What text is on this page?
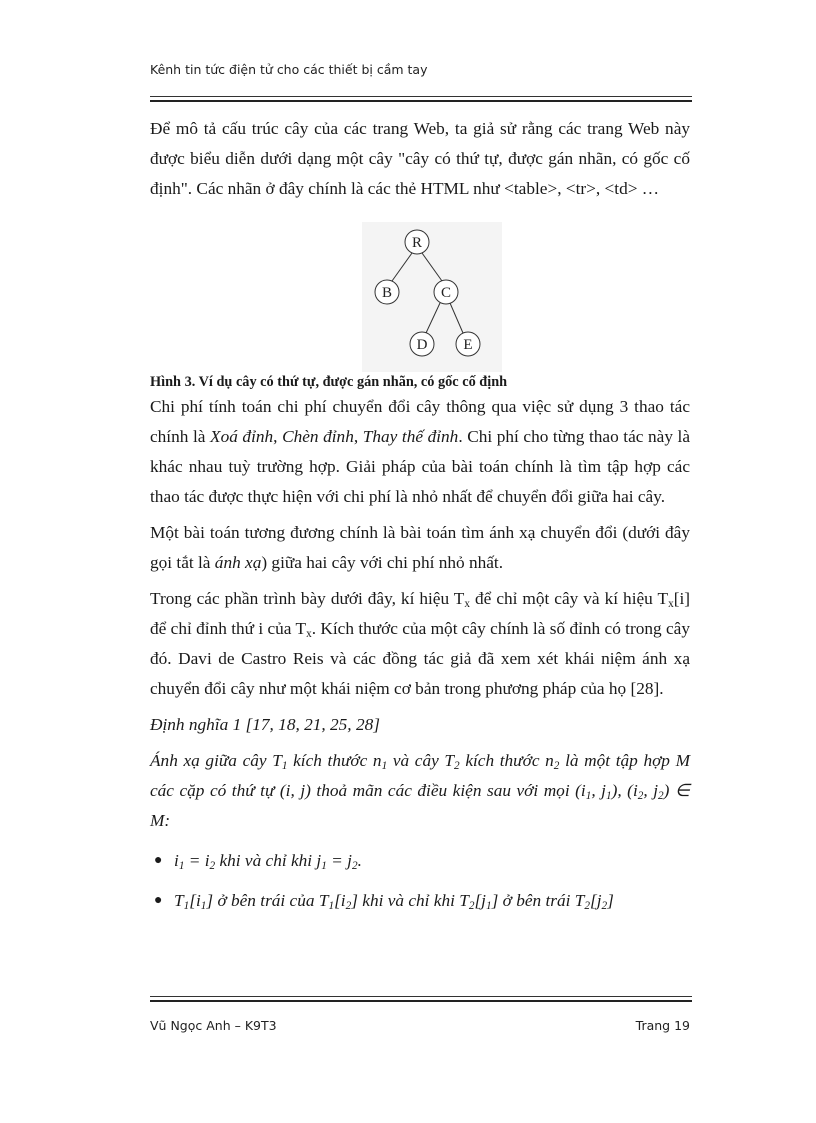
Kênh tin tức điện tử cho các thiết bị cầm tay

Để mô tả cấu trúc cây của các trang Web, ta giả sử rằng các trang Web này được biểu diễn dưới dạng một cây "cây có thứ tự, được gán nhãn, có gốc cố định". Các nhãn ở đây chính là các thẻ HTML như <table>, <tr>, <td> …

R
B	C
D E

Hình 3. Ví dụ cây có thứ tự, được gán nhãn, có gốc cố định

Chi phí tính toán chi phí chuyển đổi cây thông qua việc sử dụng 3 thao tác chính là Xoá đỉnh, Chèn đỉnh, Thay thế đỉnh. Chi phí cho từng thao tác này là khác nhau tuỳ trường hợp. Giải pháp của bài toán chính là tìm tập hợp các thao tác được thực hiện với chi phí là nhỏ nhất để chuyển đổi giữa hai cây.

Một bài toán tương đương chính là bài toán tìm ánh xạ chuyển đổi (dưới đây gọi tắt là ánh xạ) giữa hai cây với chi phí nhỏ nhất.

Trong các phần trình bày dưới đây, kí hiệu $T_x$ để chỉ một cây và kí hiệu $T_x[i]$ để chỉ đỉnh thứ i của $T_x$. Kích thước của một cây chính là số đỉnh có trong cây đó. Davi de Castro Reis và các đồng tác giả đã xem xét khái niệm ánh xạ chuyển đổi cây như một khái niệm cơ bản trong phương pháp của họ [28].

Định nghĩa 1 [17, 18, 21, 25, 28]

Ánh xạ giữa cây $T_1$ kích thước $n_1$ và cây $T_2$ kích thước $n_2$ là một tập hợp M các cặp có thứ tự (i, j) thoả mãn các điều kiện sau với mọi ($i_1$, $j_1$), ($i_2$, $j_2$) ∈ M:

● $i_1 = i_2$ khi và chỉ khi $j_1 = j_2$.
● $T_1[i_1]$ ở bên trái của $T_1[i_2]$ khi và chỉ khi $T_2[j_1]$ ở bên trái $T_2[j_2]$
Vũ Ngọc Anh – K9T3	Trang 19
